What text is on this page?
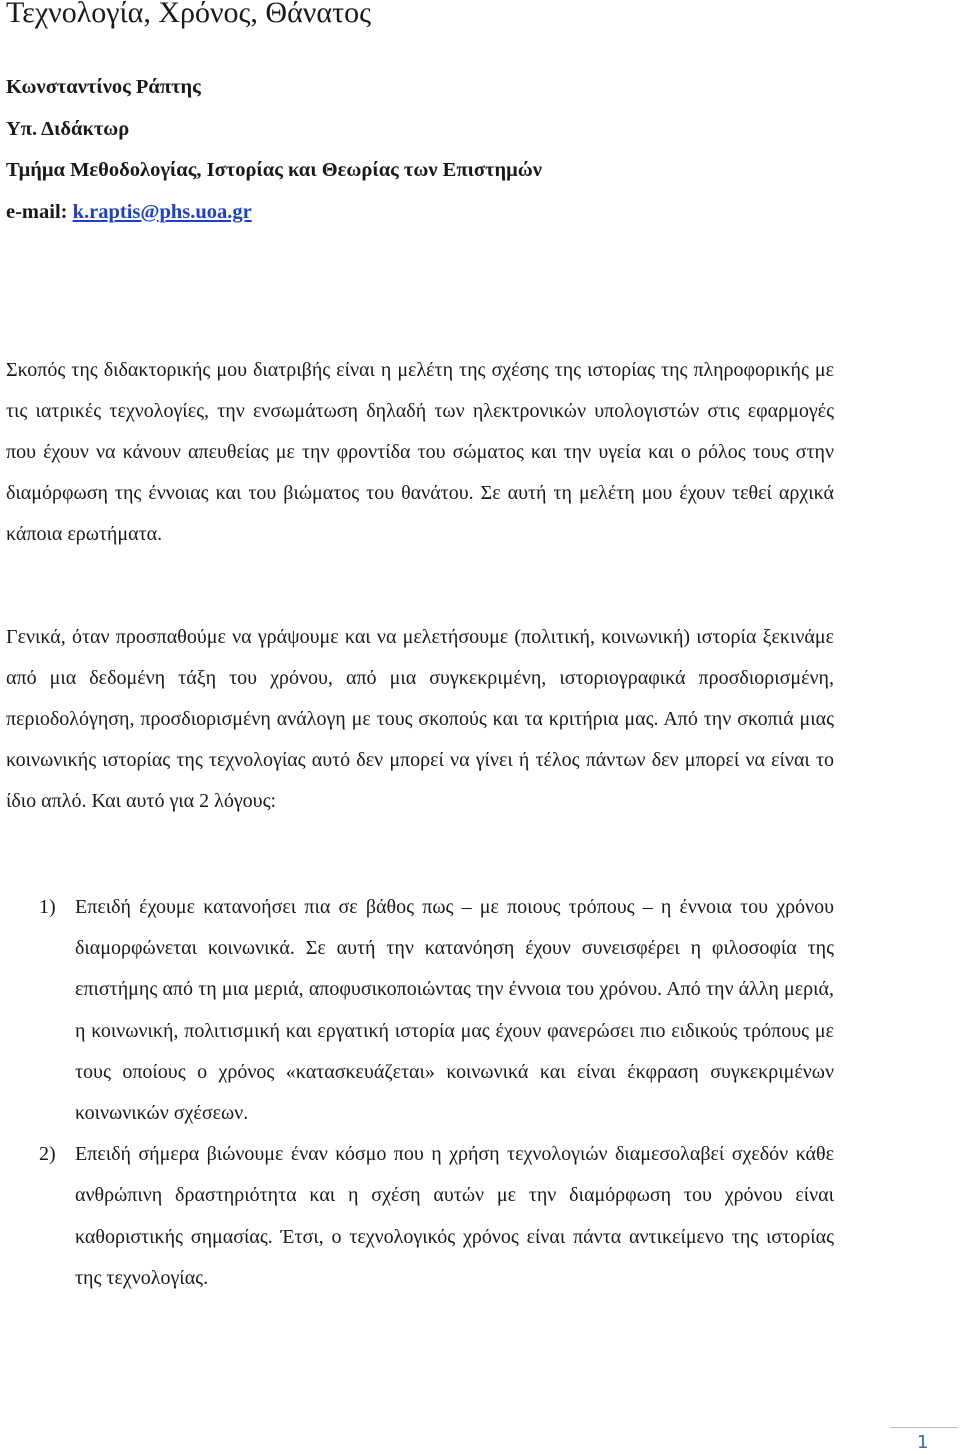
Τεχνολογία, Χρόνος, Θάνατος
Κωνσταντίνος Ράπτης
Υπ. Διδάκτωρ
Τμήμα Μεθοδολογίας, Ιστορίας και Θεωρίας των Επιστημών
e-mail: k.raptis@phs.uoa.gr

Σκοπός της διδακτορικής μου διατριβής είναι η μελέτη της σχέσης της ιστορίας της πληροφορικής με τις ιατρικές τεχνολογίες, την ενσωμάτωση δηλαδή των ηλεκτρονικών υπολογιστών στις εφαρμογές που έχουν να κάνουν απευθείας με την φροντίδα του σώματος και την υγεία και ο ρόλος τους στην διαμόρφωση της έννοιας και του βιώματος του θανάτου. Σε αυτή τη μελέτη μου έχουν τεθεί αρχικά κάποια ερωτήματα.

Γενικά, όταν προσπαθούμε να γράψουμε και να μελετήσουμε (πολιτική, κοινωνική) ιστορία ξεκινάμε από μια δεδομένη τάξη του χρόνου, από μια συγκεκριμένη, ιστοριογραφικά προσδιορισμένη, περιοδολόγηση, προσδιορισμένη ανάλογη με τους σκοπούς και τα κριτήρια μας. Από την σκοπιά μιας κοινωνικής ιστορίας της τεχνολογίας αυτό δεν μπορεί να γίνει ή τέλος πάντων δεν μπορεί να είναι το ίδιο απλό. Και αυτό για 2 λόγους:

1) Επειδή έχουμε κατανοήσει πια σε βάθος πως – με ποιους τρόπους – η έννοια του χρόνου διαμορφώνεται κοινωνικά. Σε αυτή την κατανόηση έχουν συνεισφέρει η φιλοσοφία της επιστήμης από τη μια μεριά, αποφυσικοποιώντας την έννοια του χρόνου. Από την άλλη μεριά, η κοινωνική, πολιτισμική και εργατική ιστορία μας έχουν φανερώσει πιο ειδικούς τρόπους με τους οποίους ο χρόνος «κατασκευάζεται» κοινωνικά και είναι έκφραση συγκεκριμένων κοινωνικών σχέσεων.
2) Επειδή σήμερα βιώνουμε έναν κόσμο που η χρήση τεχνολογιών διαμεσολαβεί σχεδόν κάθε ανθρώπινη δραστηριότητα και η σχέση αυτών με την διαμόρφωση του χρόνου είναι καθοριστικής σημασίας. Έτσι, ο τεχνολογικός χρόνος είναι πάντα αντικείμενο της ιστορίας της τεχνολογίας.
1
